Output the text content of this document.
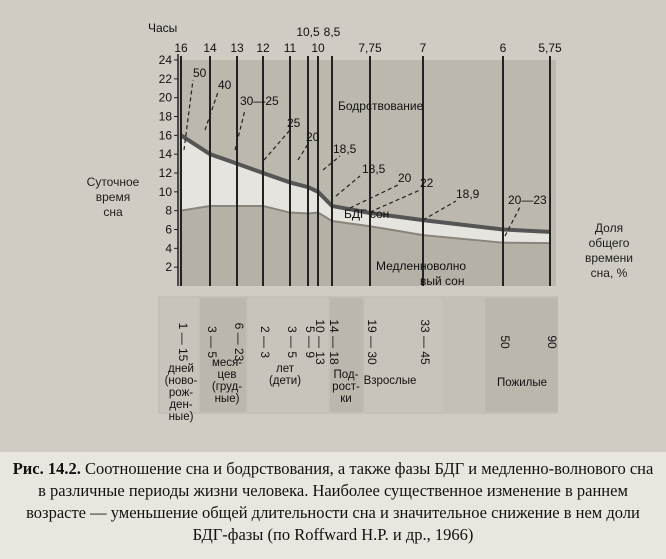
2
4
6
8
10
12
14
16
18
20
22
24
Часы
16 14 13 12 11
10,5
10
8,5
7,75	7	6	5,75
Бодрствование
БДГ сон
Медленноволно
вый сон
50
40
30—25
25
20
18,5
18,5
20 22
18,9 20—23
1 — 15 3 — 5 6 — 23 2 — 3 3 — 5 5 — 9
10 — 13 14 — 18 19 — 30	33 — 45	50	90
дней
(ново-
рож-
ден-
ные)
меся-
цев
(груд-
ные)
лет
(дети)	Под-
рост-
ки
Взрослые	Пожилые
Суточное
время
сна
Доля
общего
времени
сна, %
Рис. 14.2. Соотношение сна и бодрствования, а также фазы БДГ и медленно-волнового сна в различные периоды жизни человека. Наиболее существенное изменение в раннем возрасте — уменьшение общей длительности сна и значительное снижение в нем доли БДГ-фазы (по Roffward H.P. и др., 1966)
